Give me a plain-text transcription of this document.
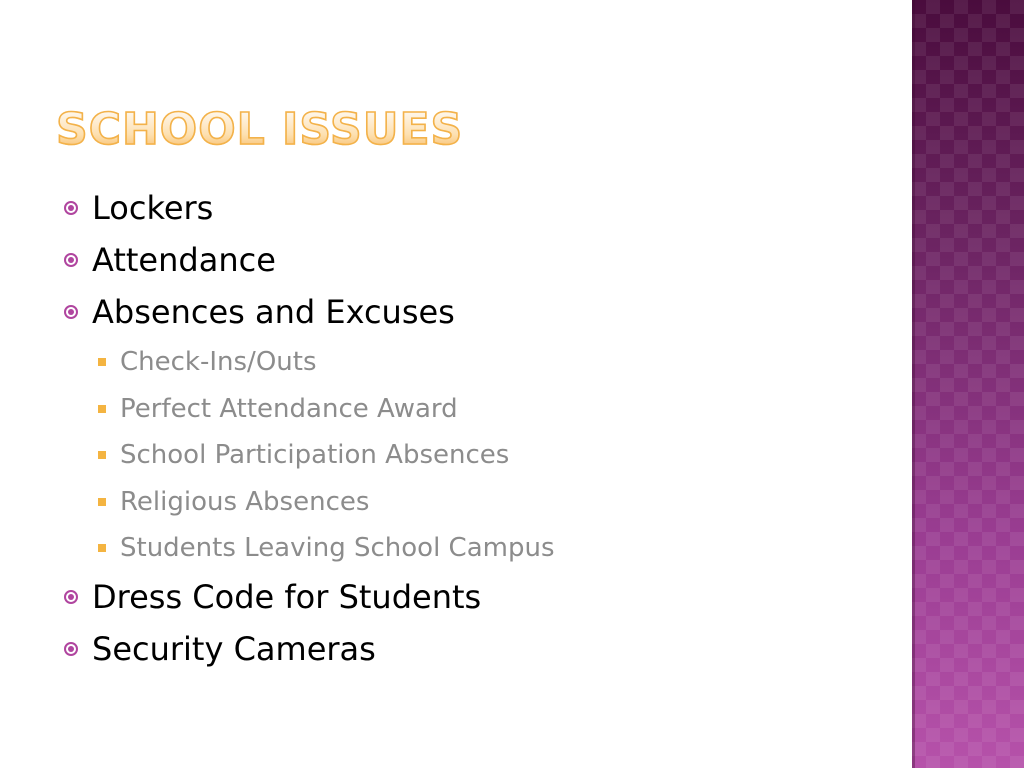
SCHOOL ISSUES
Lockers
Attendance
Absences and Excuses
Check-Ins/Outs
Perfect Attendance Award
School Participation Absences
Religious Absences
Students Leaving School Campus
Dress Code for Students
Security Cameras
